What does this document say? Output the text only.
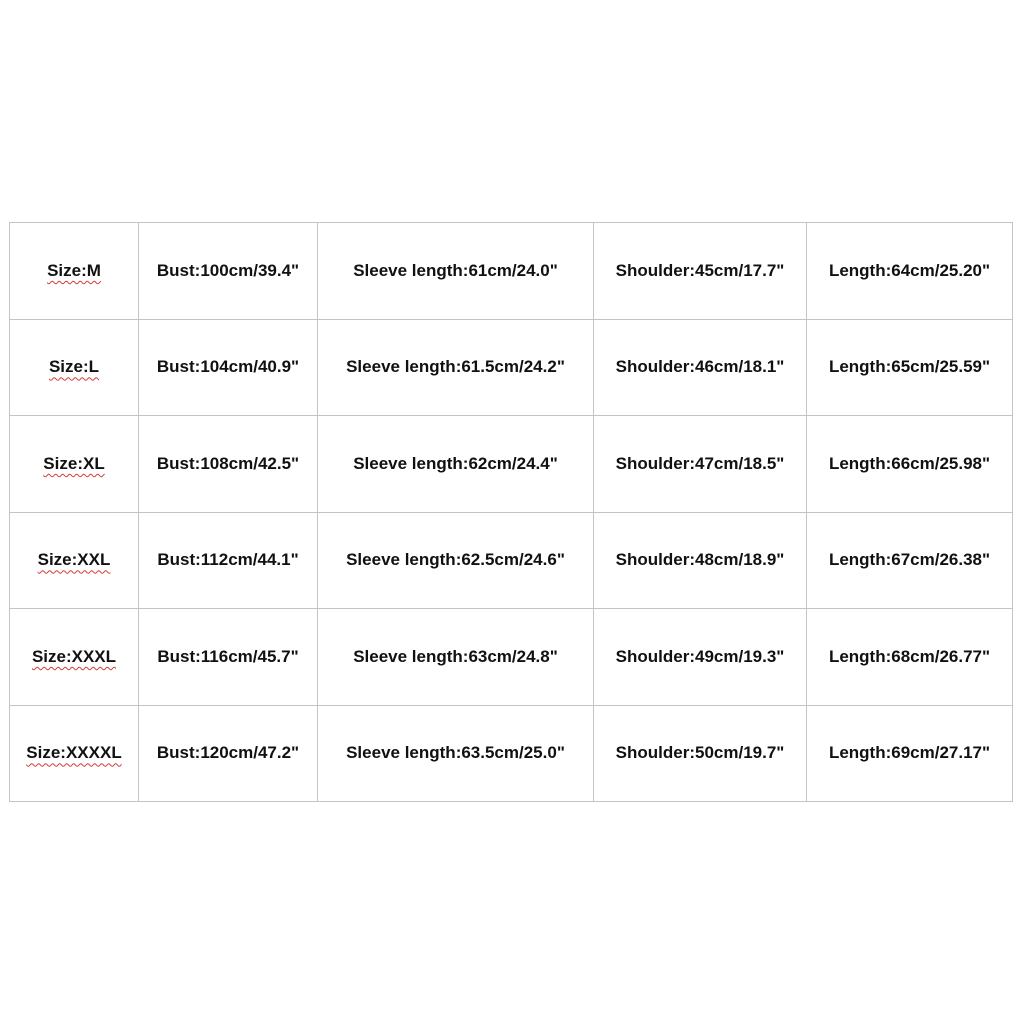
Size:M	Bust:100cm/39.4"	Sleeve length:61cm/24.0"	Shoulder:45cm/17.7"	Length:64cm/25.20"
Size:L	Bust:104cm/40.9"	Sleeve length:61.5cm/24.2"	Shoulder:46cm/18.1"	Length:65cm/25.59"
Size:XL	Bust:108cm/42.5"	Sleeve length:62cm/24.4"	Shoulder:47cm/18.5"	Length:66cm/25.98"
Size:XXL	Bust:112cm/44.1"	Sleeve length:62.5cm/24.6"	Shoulder:48cm/18.9"	Length:67cm/26.38"
Size:XXXL	Bust:116cm/45.7"	Sleeve length:63cm/24.8"	Shoulder:49cm/19.3"	Length:68cm/26.77"
Size:XXXXL	Bust:120cm/47.2"	Sleeve length:63.5cm/25.0"	Shoulder:50cm/19.7"	Length:69cm/27.17"
